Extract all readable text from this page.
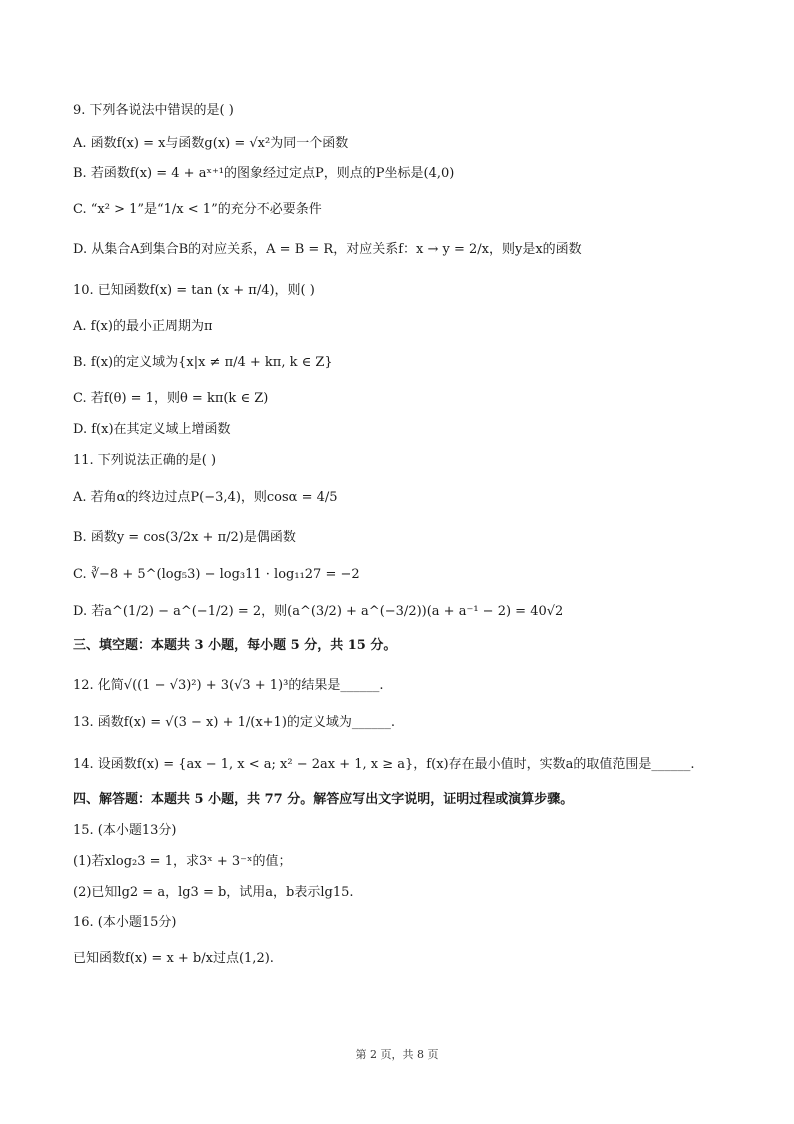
9. 下列各说法中错误的是( )
A. 函数f(x) = x与函数g(x) = √x²为同一个函数
B. 若函数f(x) = 4 + aˣ⁺¹的图象经过定点P，则点的P坐标是(4,0)
C. “x² > 1”是“1/x < 1”的充分不必要条件
D. 从集合A到集合B的对应关系，A = B = R，对应关系f：x → y = 2/x，则y是x的函数
10. 已知函数f(x) = tan (x + π/4)，则( )
A. f(x)的最小正周期为π
B. f(x)的定义域为{x|x ≠ π/4 + kπ, k ∈ Z}
C. 若f(θ) = 1，则θ = kπ(k ∈ Z)
D. f(x)在其定义域上增函数
11. 下列说法正确的是( )
A. 若角α的终边过点P(−3,4)，则cosα = 4/5
B. 函数y = cos(3/2x + π/2)是偶函数
C. ∛−8 + 5^(log₅3) − log₃11 · log₁₁27 = −2
D. 若a^(1/2) − a^(−1/2) = 2，则(a^(3/2) + a^(−3/2))(a + a⁻¹ − 2) = 40√2
三、填空题：本题共 3 小题，每小题 5 分，共 15 分。
12. 化简√((1 − √3)²) + 3(√3 + 1)³的结果是______.
13. 函数f(x) = √(3 − x) + 1/(x+1)的定义域为______.
14. 设函数f(x) = {ax − 1, x < a; x² − 2ax + 1, x ≥ a}，f(x)存在最小值时，实数a的取值范围是______.
四、解答题：本题共 5 小题，共 77 分。解答应写出文字说明，证明过程或演算步骤。
15. (本小题13分)
(1)若xlog₂3 = 1，求3ˣ + 3⁻ˣ的值；
(2)已知lg2 = a，lg3 = b，试用a，b表示lg15.
16. (本小题15分)
已知函数f(x) = x + b/x过点(1,2).
第 2 页，共 8 页
